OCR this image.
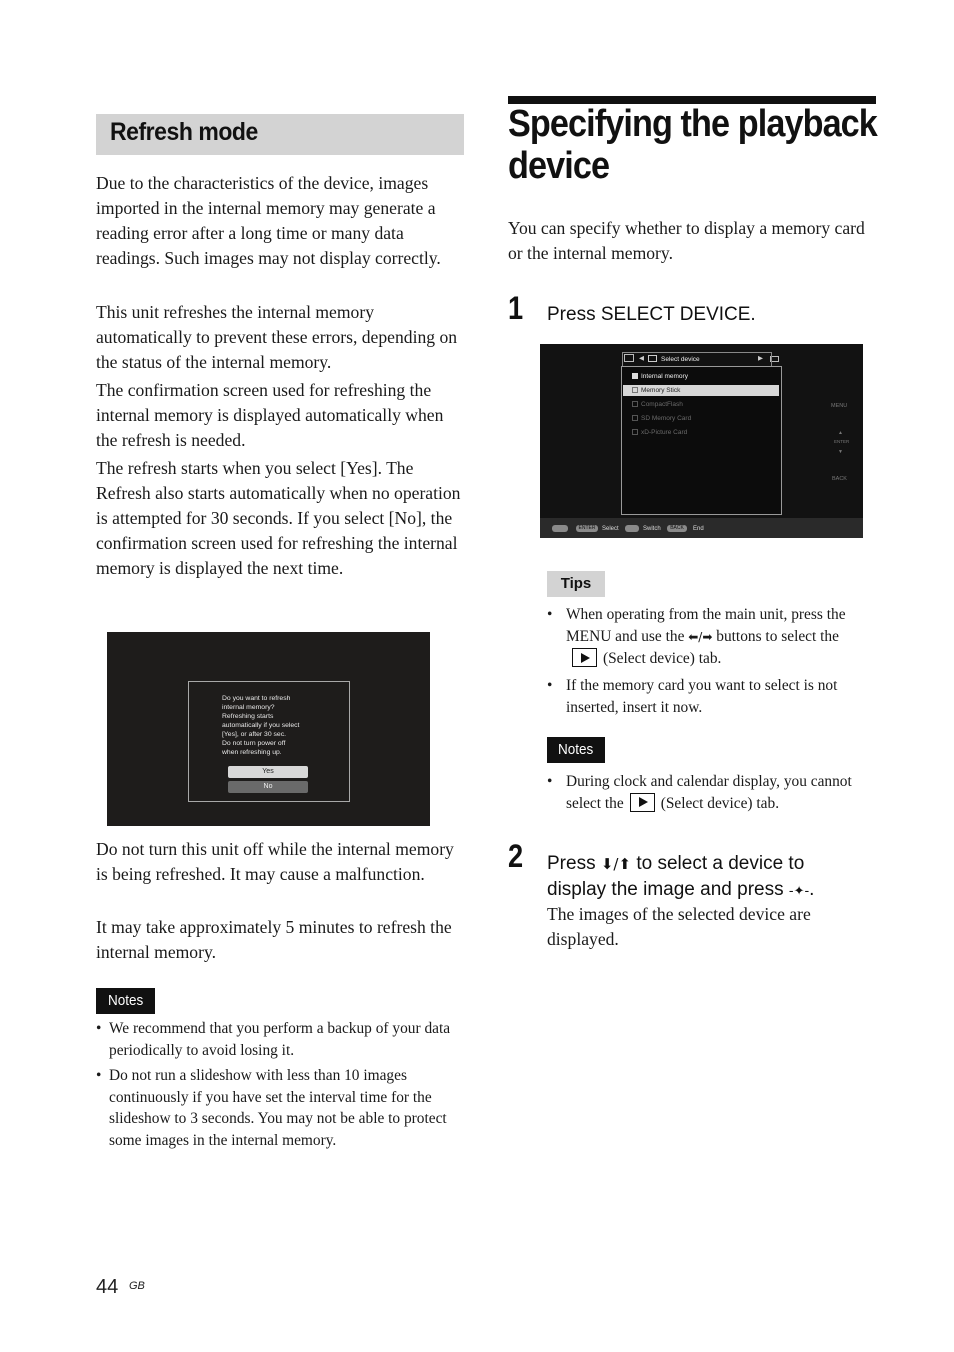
Refresh mode

Due to the characteristics of the device, images imported in the internal memory may generate a reading error after a long time or many data readings. Such images may not display correctly.

This unit refreshes the internal memory automatically to prevent these errors, depending on the status of the internal memory.

The confirmation screen used for refreshing the internal memory is displayed automatically when the refresh is needed.

The refresh starts when you select [Yes]. The Refresh also starts automatically when no operation is attempted for 30 seconds. If you select [No], the confirmation screen used for refreshing the internal memory is displayed the next time.

Do you want to refresh
internal memory?
Refreshing starts
automatically if you select
[Yes], or after 30 sec.
Do not turn power off
when refreshing up.
Yes
No

Do not turn this unit off while the internal memory is being refreshed. It may cause a malfunction.

It may take approximately 5 minutes to refresh the internal memory.

Notes
• We recommend that you perform a backup of your data periodically to avoid losing it.
• Do not run a slideshow with less than 10 images continuously if you have set the interval time for the slideshow to 3 seconds. You may not be able to protect some images in the internal memory.
44 GB
Specifying the playback
device

You can specify whether to display a memory card or the internal memory.

1 Press SELECT DEVICE.
◀	Select device	▶
Internal memory
Memory Stick
CompactFlash
SD Memory Card
xD-Picture Card
MENU
▲
ENTER
▼
BACK
ENTER	Select	Switch	BACK	End
Tips
• When operating from the main unit, press the MENU and use the ⬅/➡ buttons to select the(Select device) tab.
• If the memory card you want to select is not inserted, insert it now.
Notes
• During clock and calendar display, you cannot select the (Select device) tab.
2 Press ⬇/⬆ to select a device to
display the image and press -✦-.

The images of the selected device are displayed.
